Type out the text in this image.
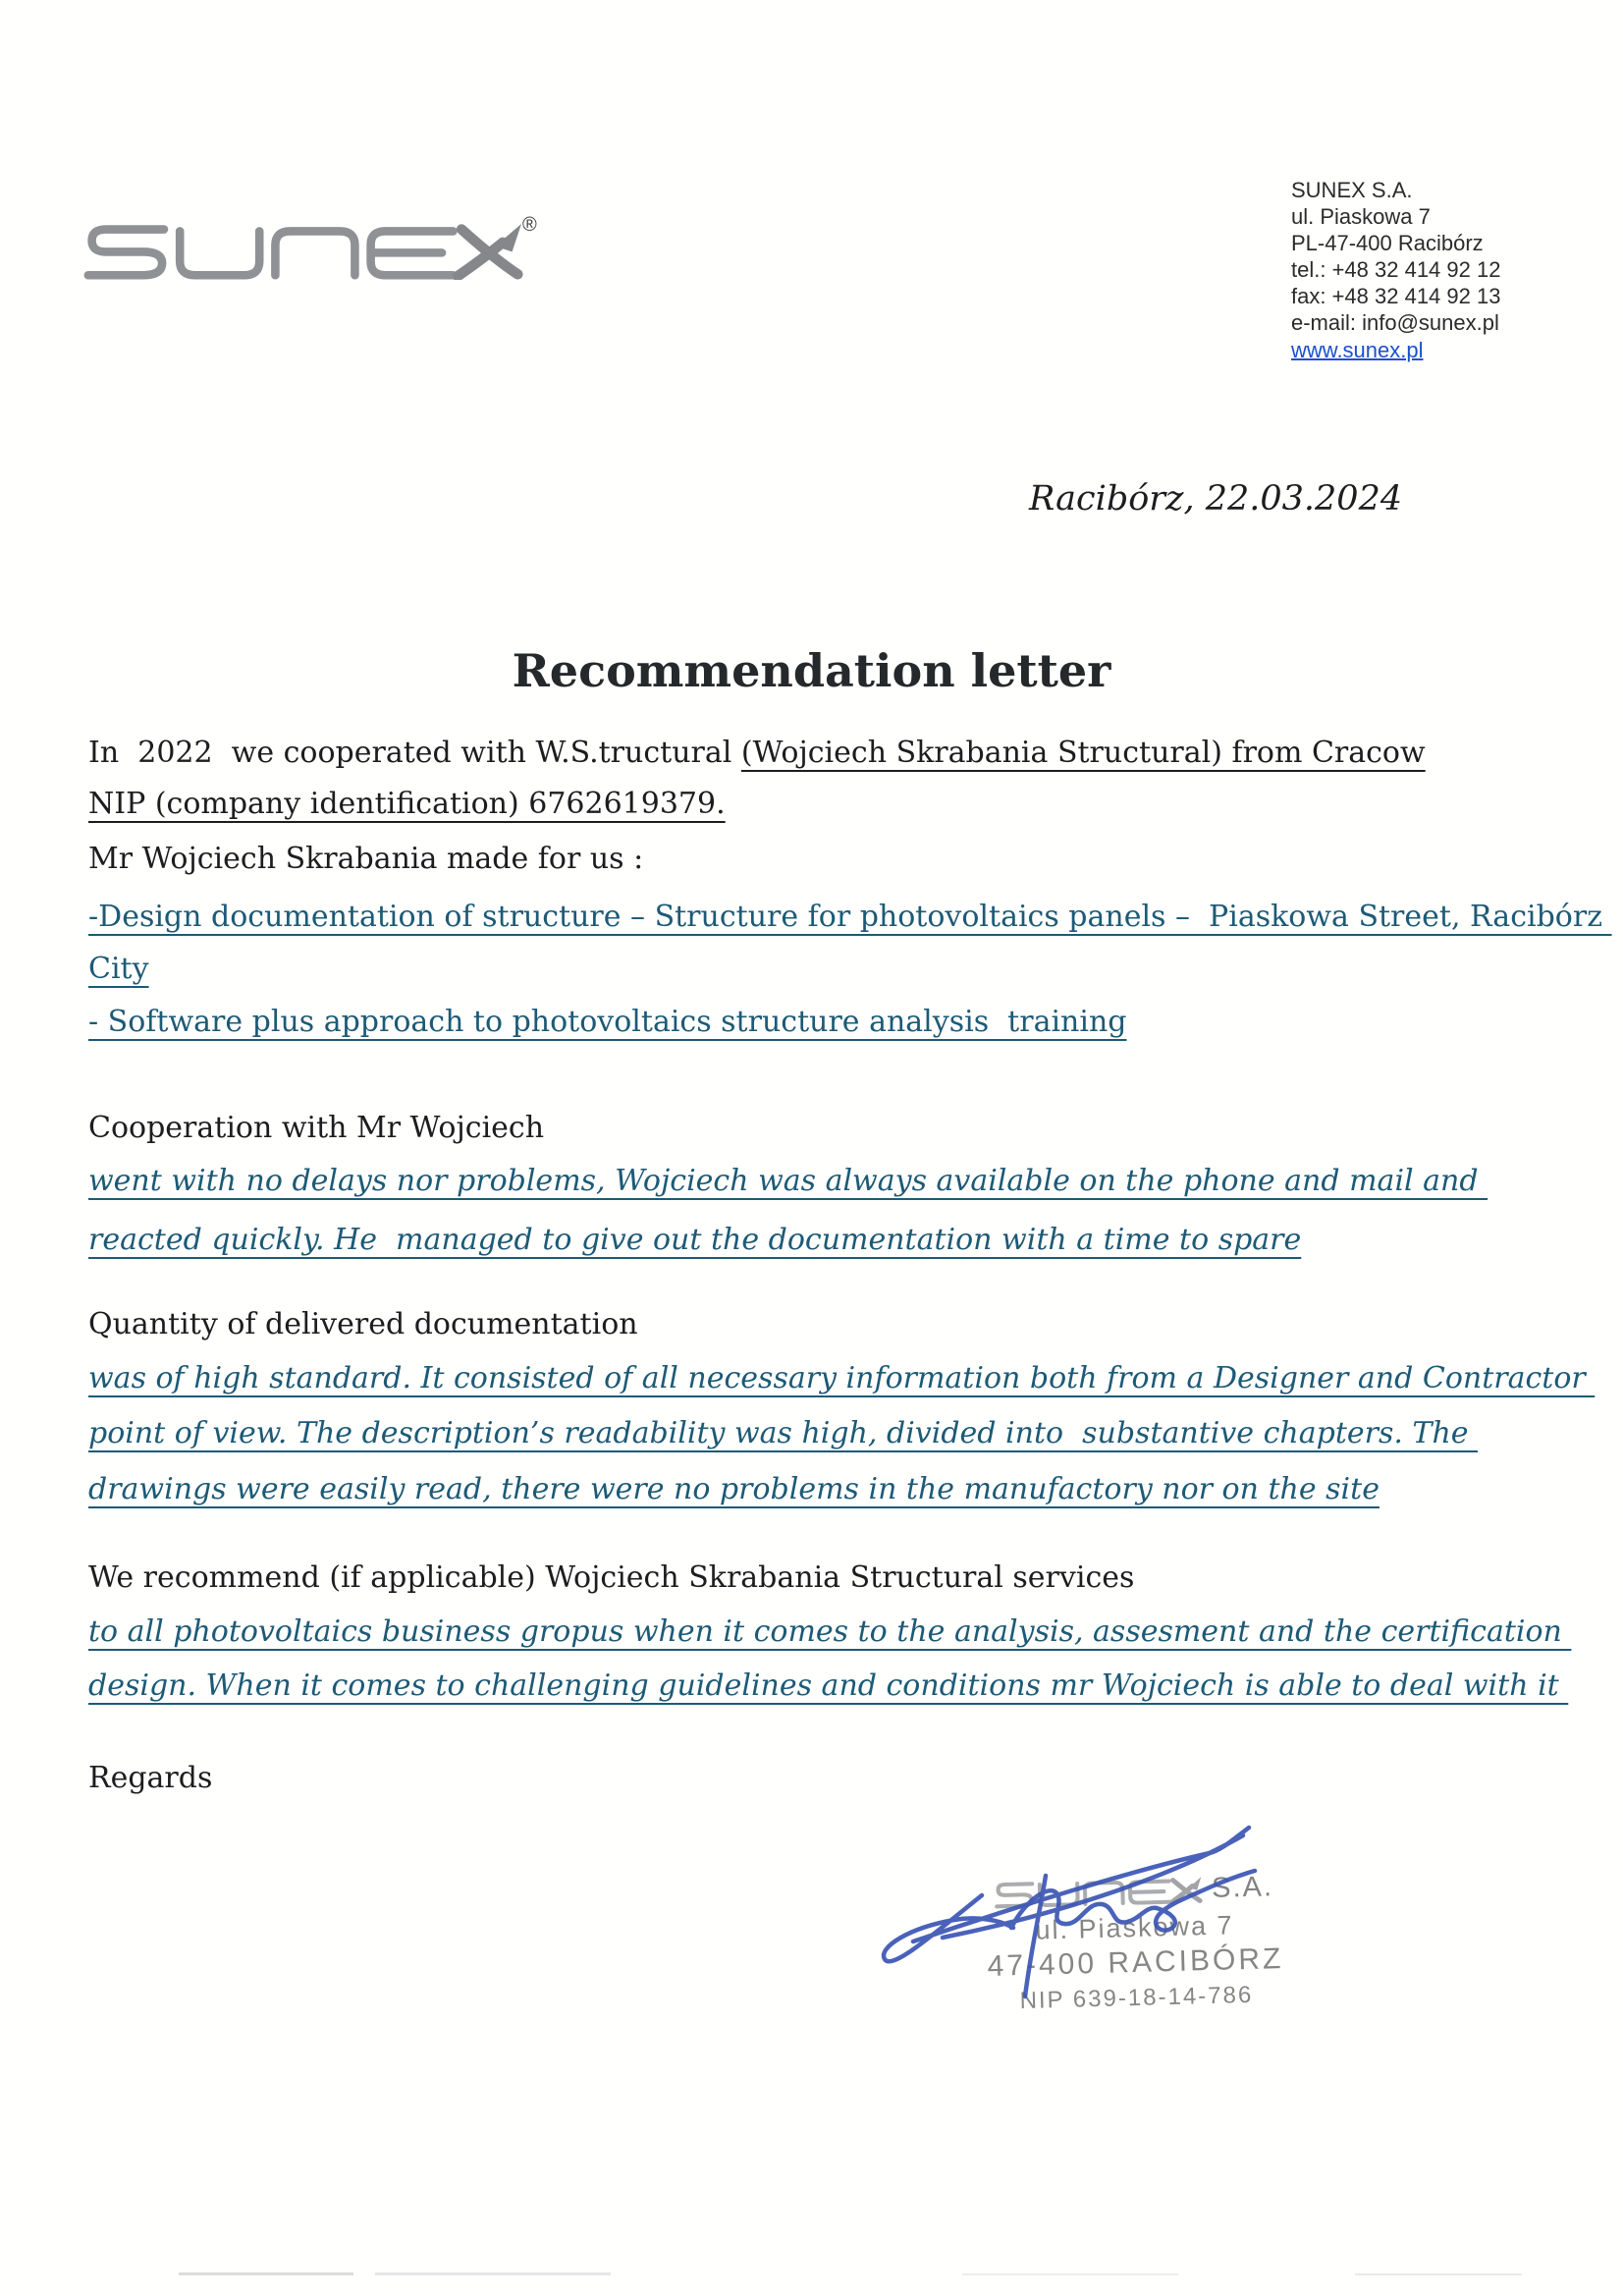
®
SUNEX S.A.
ul. Piaskowa 7
PL-47-400 Racibórz
tel.: +48 32 414 92 12
fax: +48 32 414 92 13
e-mail: info@sunex.pl
www.sunex.pl
Racibórz, 22.03.2024
Recommendation letter
In  2022  we cooperated with W.S.tructural (Wojciech Skrabania Structural) from Cracow
NIP (company identification) 6762619379.
Mr Wojciech Skrabania made for us :
-Design documentation of structure – Structure for photovoltaics panels –  Piaskowa Street, Racibórz
City
- Software plus approach to photovoltaics structure analysis  training
Cooperation with Mr Wojciech
went with no delays nor problems, Wojciech was always available on the phone and mail and
reacted quickly. He  managed to give out the documentation with a time to spare
Quantity of delivered documentation
was of high standard. It consisted of all necessary information both from a Designer and Contractor
point of view. The description’s readability was high, divided into  substantive chapters. The
drawings were easily read, there were no problems in the manufactory nor on the site
We recommend (if applicable) Wojciech Skrabania Structural services
to all photovoltaics business gropus when it comes to the analysis, assesment and the certification
design. When it comes to challenging guidelines and conditions mr Wojciech is able to deal with it
Regards
S.A.
ul. Piaskowa 7
47-400 RACIBÓRZ
NIP 639-18-14-786
